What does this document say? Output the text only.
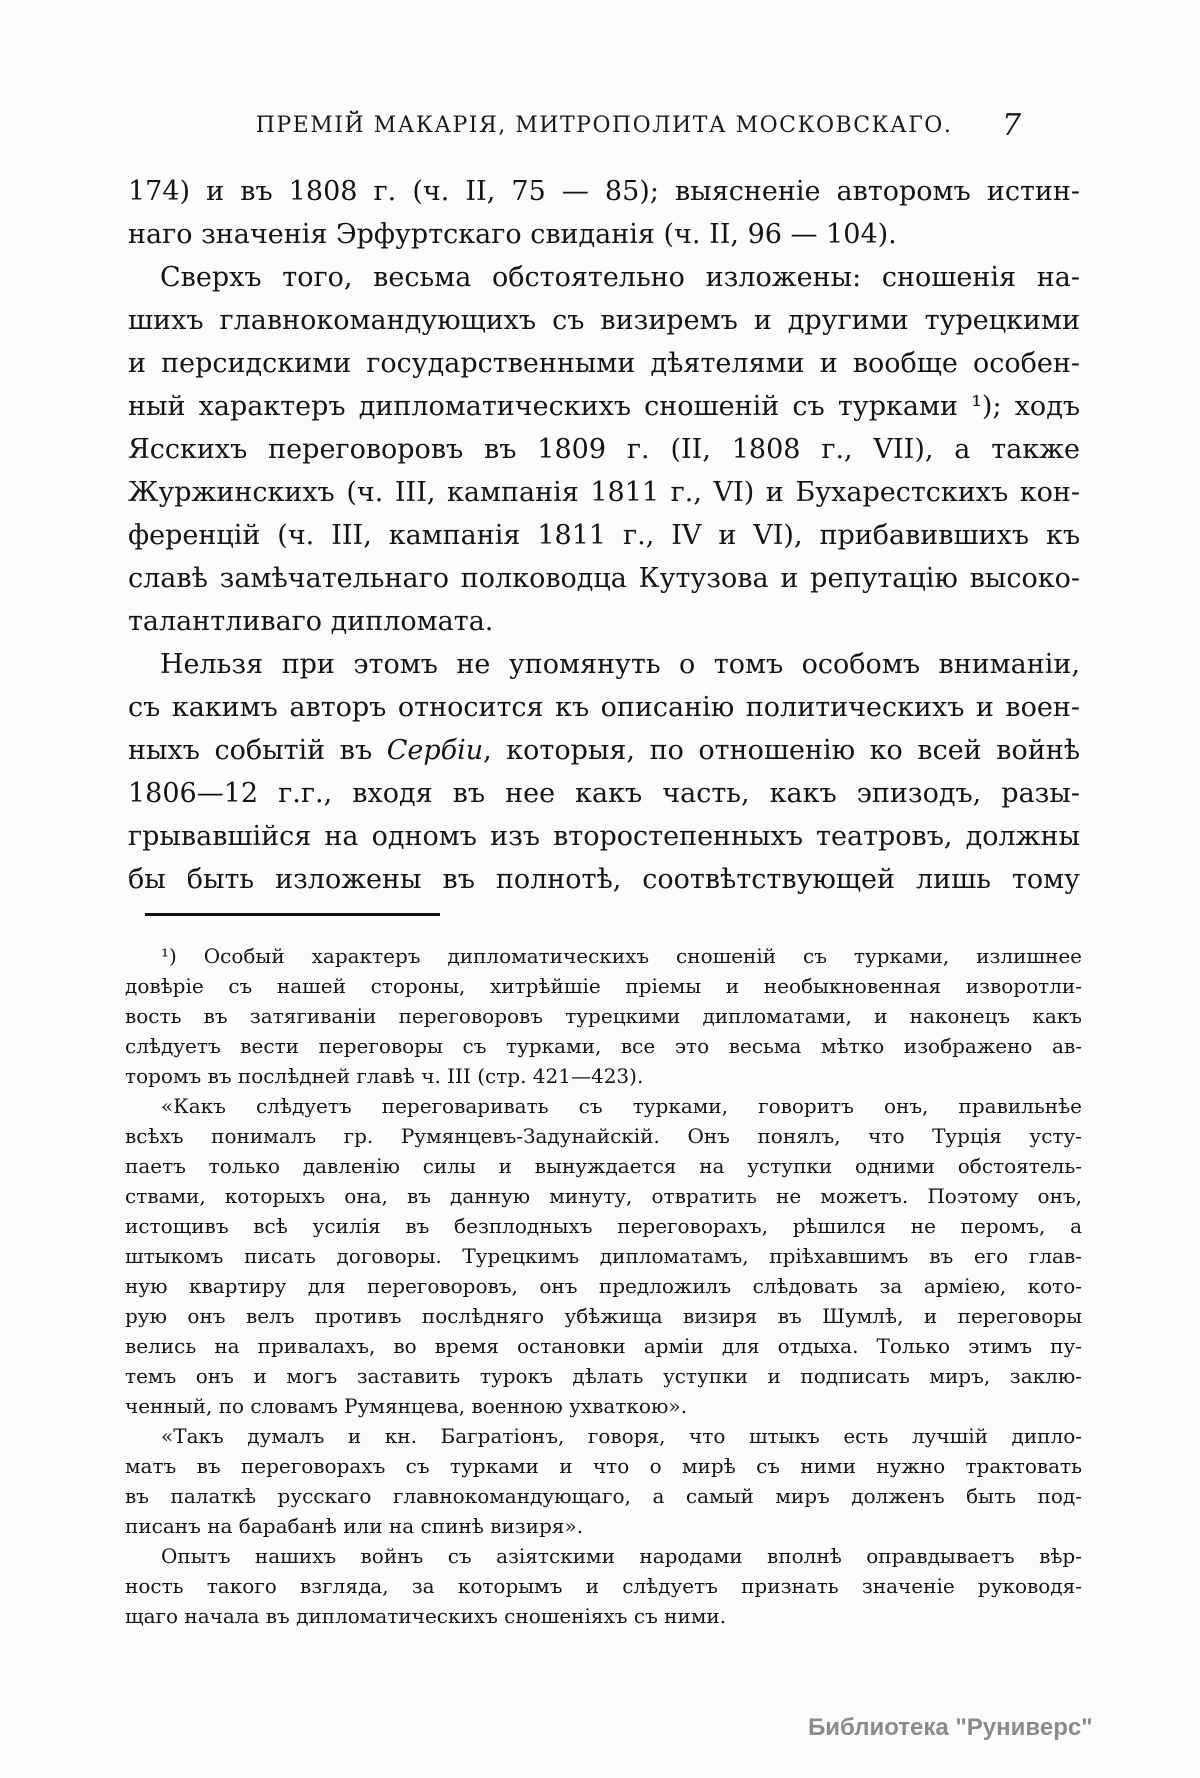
ПРЕМІЙ МАКАРІЯ, МИТРОПОЛИТА МОСКОВСКАГО.	7
174) и въ 1808 г. (ч. II, 75 — 85); выясненіе авторомъ истин-
наго значенія Эрфуртскаго свиданія (ч. II, 96 — 104).
Сверхъ того, весьма обстоятельно изложены: сношенія на-
шихъ главнокомандующихъ съ визиремъ и другими турецкими
и персидскими государственными дѣятелями и вообще особен-
ный характеръ дипломатическихъ сношеній съ турками ¹); ходъ
Ясскихъ переговоровъ въ 1809 г. (II, 1808 г., VII), а также
Журжинскихъ (ч. III, кампанія 1811 г., VI) и Бухарестскихъ кон-
ференцій (ч. III, кампанія 1811 г., IV и VI), прибавившихъ къ
славѣ замѣчательнаго полководца Кутузова и репутацію высоко-
талантливаго дипломата.
Нельзя при этомъ не упомянуть о томъ особомъ вниманіи,
съ какимъ авторъ относится къ описанію политическихъ и воен-
ныхъ событій въ Сербіи, которыя, по отношенію ко всей войнѣ
1806—12 г.г., входя въ нее какъ часть, какъ эпизодъ, разы-
грывавшійся на одномъ изъ второстепенныхъ театровъ, должны
бы быть изложены въ полнотѣ, соотвѣтствующей лишь тому
¹) Особый характеръ дипломатическихъ сношеній съ турками, излишнее
довѣріе съ нашей стороны, хитрѣйшіе пріемы и необыкновенная изворотли-
вость въ затягиваніи переговоровъ турецкими дипломатами, и наконецъ какъ
слѣдуетъ вести переговоры съ турками, все это весьма мѣтко изображено ав-
торомъ въ послѣдней главѣ ч. III (стр. 421—423).
«Какъ слѣдуетъ переговаривать съ турками, говоритъ онъ, правильнѣе
всѣхъ понималъ гр. Румянцевъ-Задунайскій. Онъ понялъ, что Турція усту-
паетъ только давленію силы и вынуждается на уступки одними обстоятель-
ствами, которыхъ она, въ данную минуту, отвратить не можетъ. Поэтому онъ,
истощивъ всѣ усилія въ безплодныхъ переговорахъ, рѣшился не перомъ, а
штыкомъ писать договоры. Турецкимъ дипломатамъ, пріѣхавшимъ въ его глав-
ную квартиру для переговоровъ, онъ предложилъ слѣдовать за арміею, кото-
рую онъ велъ противъ послѣдняго убѣжища визиря въ Шумлѣ, и переговоры
велись на привалахъ, во время остановки арміи для отдыха. Только этимъ пу-
темъ онъ и могъ заставить турокъ дѣлать уступки и подписать миръ, заклю-
ченный, по словамъ Румянцева, военною ухваткою».
«Такъ думалъ и кн. Багратіонъ, говоря, что штыкъ есть лучшій дипло-
матъ въ переговорахъ съ турками и что о мирѣ съ ними нужно трактовать
въ палаткѣ русскаго главнокомандующаго, а самый миръ долженъ быть под-
писанъ на барабанѣ или на спинѣ визиря».
Опытъ нашихъ войнъ съ азіятскими народами вполнѣ оправдываетъ вѣр-
ность такого взгляда, за которымъ и слѣдуетъ признать значеніе руководя-
щаго начала въ дипломатическихъ сношеніяхъ съ ними.
Библиотека "Руниверс"
